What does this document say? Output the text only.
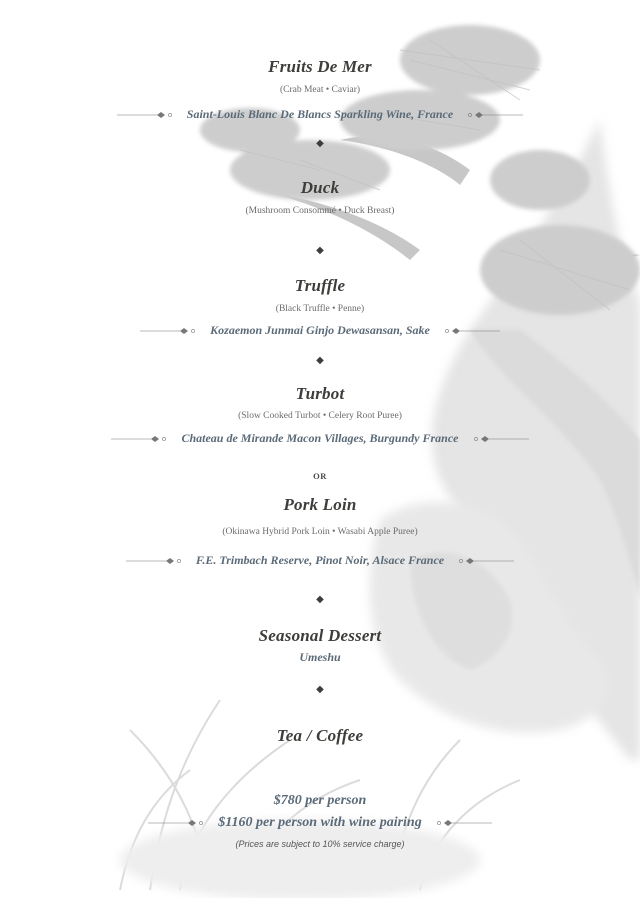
Fruits De Mer
(Crab Meat • Caviar)
Saint-Louis Blanc De Blancs Sparkling Wine, France
◆
Duck
(Mushroom Consommé • Duck Breast)
◆
Truffle
(Black Truffle • Penne)
Kozaemon Junmai Ginjo Dewasansan, Sake
◆
Turbot
(Slow Cooked Turbot • Celery Root Puree)
Chateau de Mirande Macon Villages, Burgundy France
OR
Pork Loin
(Okinawa Hybrid Pork Loin • Wasabi Apple Puree)
F.E. Trimbach Reserve, Pinot Noir, Alsace France
◆
Seasonal Dessert
Umeshu
◆
Tea / Coffee
$780 per person
$1160 per person with wine pairing
(Prices are subject to 10% service charge)
